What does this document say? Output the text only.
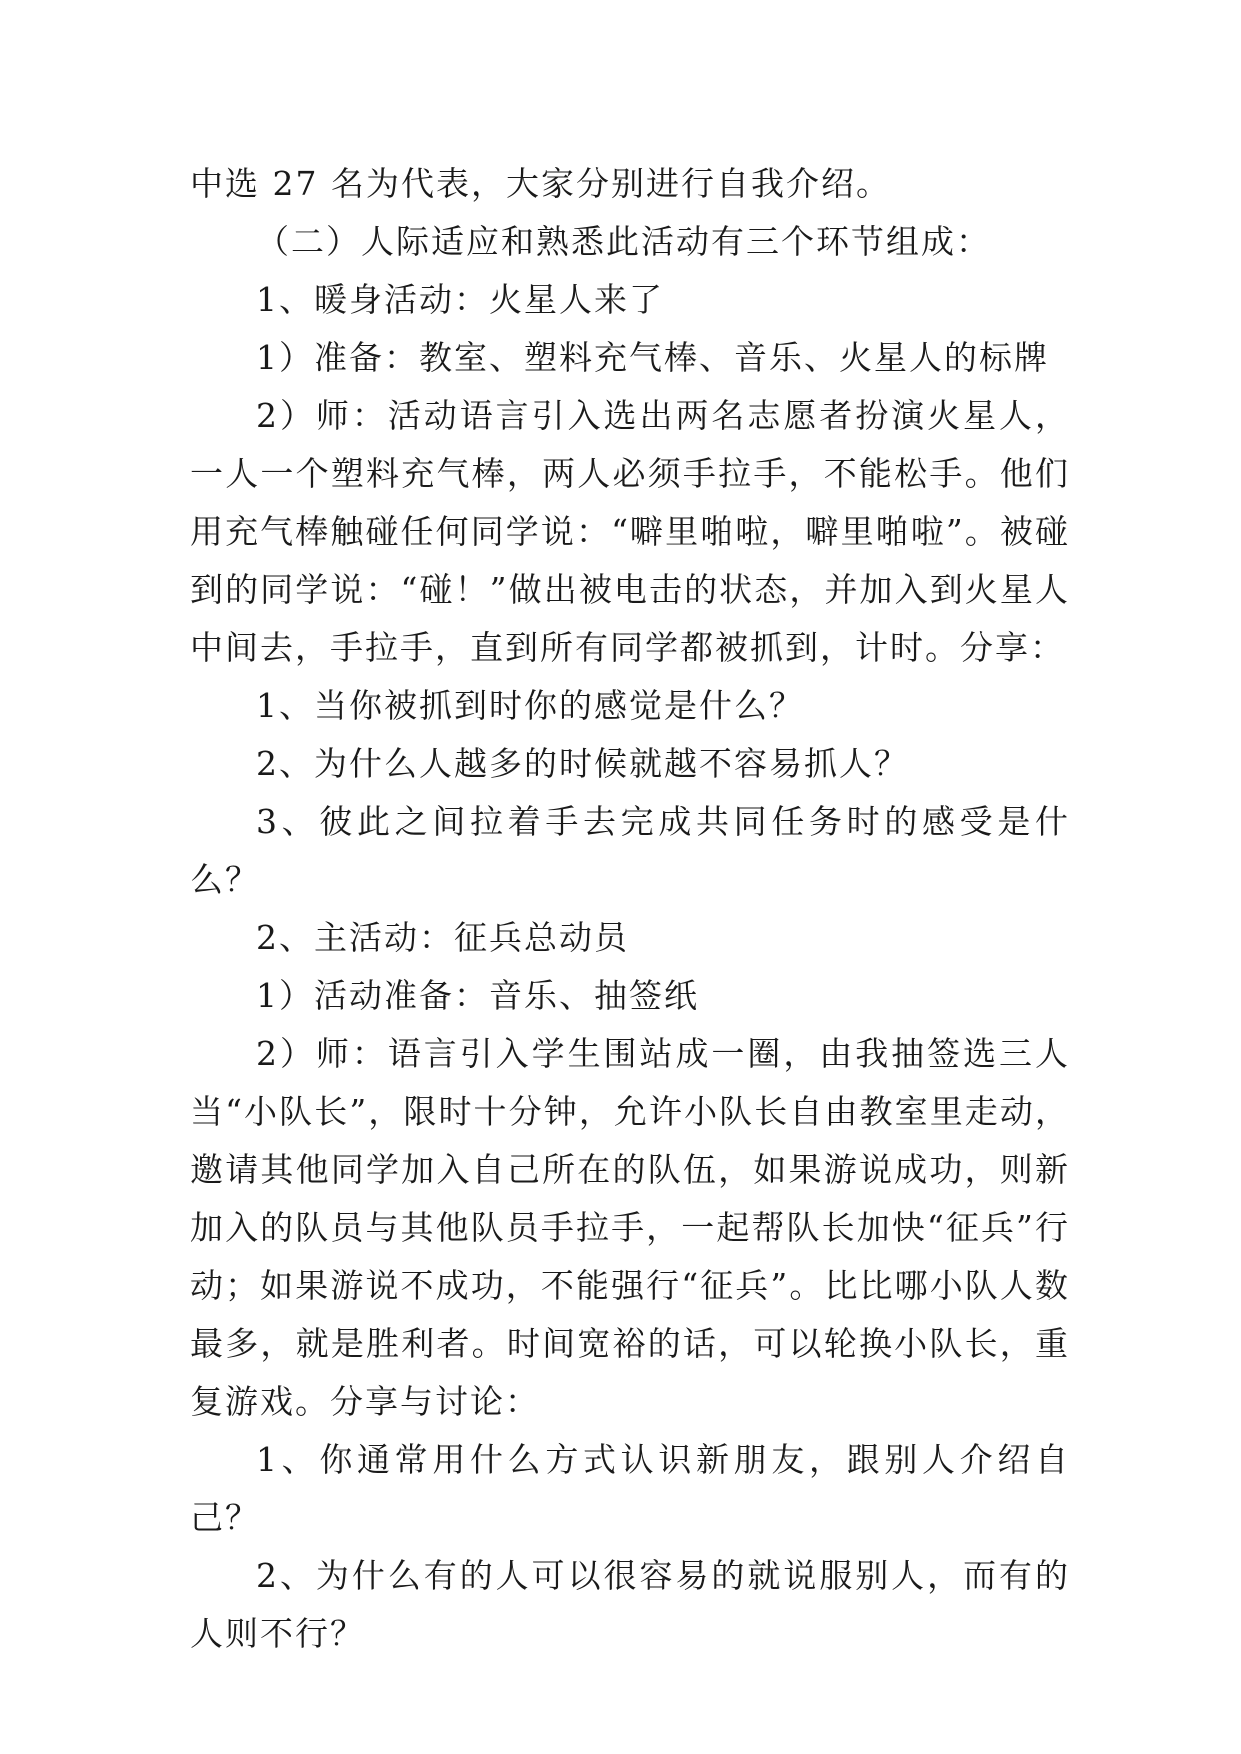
中选 27 名为代表，大家分别进行自我介绍。

（二）人际适应和熟悉此活动有三个环节组成：

1、暖身活动：火星人来了

1）准备：教室、塑料充气棒、音乐、火星人的标牌

2）师：活动语言引入选出两名志愿者扮演火星人，一人一个塑料充气棒，两人必须手拉手，不能松手。他们用充气棒触碰任何同学说：“噼里啪啦，噼里啪啦”。被碰到的同学说：“碰！”做出被电击的状态，并加入到火星人中间去，手拉手，直到所有同学都被抓到，计时。分享：

1、当你被抓到时你的感觉是什么？

2、为什么人越多的时候就越不容易抓人？

3、彼此之间拉着手去完成共同任务时的感受是什么？

2、主活动：征兵总动员

1）活动准备：音乐、抽签纸

2）师：语言引入学生围站成一圈，由我抽签选三人当“小队长”，限时十分钟，允许小队长自由教室里走动，邀请其他同学加入自己所在的队伍，如果游说成功，则新加入的队员与其他队员手拉手，一起帮队长加快“征兵”行动；如果游说不成功，不能强行“征兵”。比比哪小队人数最多，就是胜利者。时间宽裕的话，可以轮换小队长，重复游戏。分享与讨论：

1、你通常用什么方式认识新朋友，跟别人介绍自己？

2、为什么有的人可以很容易的就说服别人，而有的人则不行？
